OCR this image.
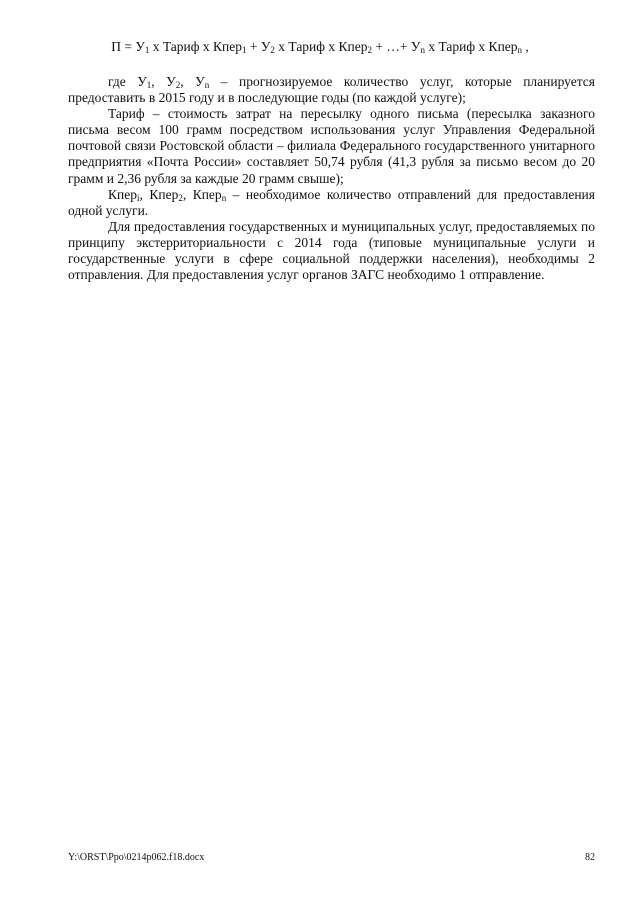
$П = У_1$ х Тариф х Кпер$_1$ + $У_2$ х Тариф х Кпер$_2$ + …+ $У_n$ х Тариф х Кпер$_n$ ,

где $У_1$, $У_2$, $У_n$ – прогнозируемое количество услуг, которые планируется предоставить в 2015 году и в последующие годы (по каждой услуге);

Тариф – стоимость затрат на пересылку одного письма (пересылка заказного письма весом 100 грамм посредством использования услуг Управления Федеральной почтовой связи Ростовской области – филиала Федерального государственного унитарного предприятия «Почта России» составляет 50,74 рубля (41,3 рубля за письмо весом до 20 грамм и 2,36 рубля за каждые 20 грамм свыше);

Кпер$_i$, Кпер$_2$, Кпер$_n$ – необходимое количество отправлений для предоставления одной услуги.

Для предоставления государственных и муниципальных услуг, предоставляемых по принципу экстерриториальности с 2014 года (типовые муниципальные услуги и государственные услуги в сфере социальной поддержки населения), необходимы 2 отправления. Для предоставления услуг органов ЗАГС необходимо 1 отправление.

Y:\ORST\Ppo\0214p062.f18.docx	82
